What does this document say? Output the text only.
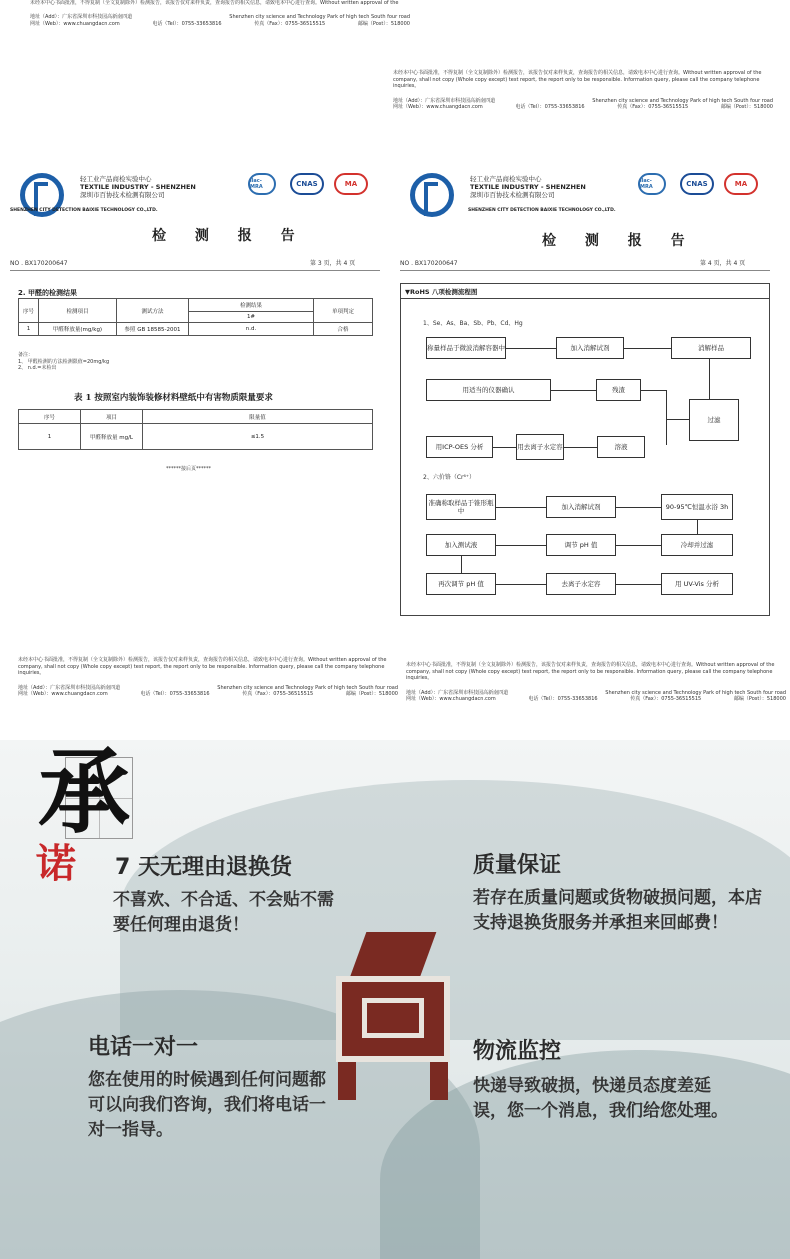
未经本中心书面批准，不得复制（全文复制除外）检测报告，该报告仅对来样负责，查询报告的相关信息，请致电本中心进行查询。Without written approval of the
地址（Add）：广东省深圳市科技园高新南四道	Shenzhen city science and Technology Park of high tech South four road
网址（Web）：www.chuangdacn.com	电话（Tel）：0755-33653816	传真（Fax）：0755-36515515	邮编（Post）：518000
未经本中心书面批准，不得复制（全文复制除外）检测报告，该报告仅对来样负责，查询报告的相关信息，请致电本中心进行查询。Without written approval of the company, shall not copy (Whole copy except) test report, the report only to be responsible. Information query, please call the company telephone inquiries。
地址（Add）：广东省深圳市科技园高新南四道	Shenzhen city science and Technology Park of high tech South four road
网址（Web）：www.chuangdacn.com	电话（Tel）：0755-33653816	传真（Fax）：0755-36515515	邮编（Post）：518000
轻工业产品商检实验中心
TEXTILE INDUSTRY - SHENZHEN
深圳市百协技术检测有限公司
SHENZHEN CITY DETECTION BAIXIE TECHNOLOGY CO.,LTD.
ilac-MRA	CNAS	MA
检 测 报 告
NO . BX170200647	第 3 页，共 4 页
2. 甲醛的检测结果
序号	检测项目	测试方法	检测结果	单项判定
			1#	
1	甲醛释放量(mg/kg)	参照 GB 18585-2001	n.d.	合格
备注：
1、 甲醛检测的方法检测限值=20mg/kg
2、 n.d.=未检出
表 1 按照室内装饰装修材料壁纸中有害物质限量要求
序号	项目	限量值
1	甲醛释放量 mg/L	≤1.5
******接后页******
轻工业产品商检实验中心
TEXTILE INDUSTRY - SHENZHEN
深圳市百协技术检测有限公司
SHENZHEN CITY DETECTION BAIXIE TECHNOLOGY CO.,LTD.
ilac-MRA	CNAS	MA
检 测 报 告
NO . BX170200647	第 4 页，共 4 页
▼RoHS 八项检测流程图
1、Se、As、Ba、Sb、Pb、Cd、Hg
称量样品于微波消解容器中	加入消解试剂	消解样品
用适当的仪器确认	残渣
过滤
用ICP-OES 分析	用去离子水定容	溶液
2、六价铬（Cr⁶⁺）
准确称取样品于锥形瓶中	加入消解试剂	90-95℃恒温水浴 3h
加入测试液	调节 pH 值	冷却并过滤
再次调节 pH 值	去离子水定容	用 UV-Vis 分析
未经本中心书面批准，不得复制（全文复制除外）检测报告，该报告仅对来样负责，查询报告的相关信息，请致电本中心进行查询。Without written approval of the company, shall not copy (Whole copy except) test report, the report only to be responsible. Information query, please call the company telephone inquiries。
地址（Add）：广东省深圳市科技园高新南四道	Shenzhen city science and Technology Park of high tech South four road
网址（Web）：www.chuangdacn.com	电话（Tel）：0755-33653816	传真（Fax）：0755-36515515	邮编（Post）：518000
未经本中心书面批准，不得复制（全文复制除外）检测报告，该报告仅对来样负责，查询报告的相关信息，请致电本中心进行查询。Without written approval of the company, shall not copy (Whole copy except) test report, the report only to be responsible. Information query, please call the company telephone inquiries。
地址（Add）：广东省深圳市科技园高新南四道	Shenzhen city science and Technology Park of high tech South four road
网址（Web）：www.chuangdacn.com	电话（Tel）：0755-33653816	传真（Fax）：0755-36515515	邮编（Post）：518000
承
诺 7 天无理由退换货
不喜欢、不合适、不会贴不需要任何理由退货！
质量保证
若存在质量问题或货物破损问题，本店支持退换货服务并承担来回邮费！
电话一对一
您在使用的时候遇到任何问题都可以向我们咨询，我们将电话一对一指导。
物流监控
快递导致破损，快递员态度差延误，您一个消息，我们给您处理。
